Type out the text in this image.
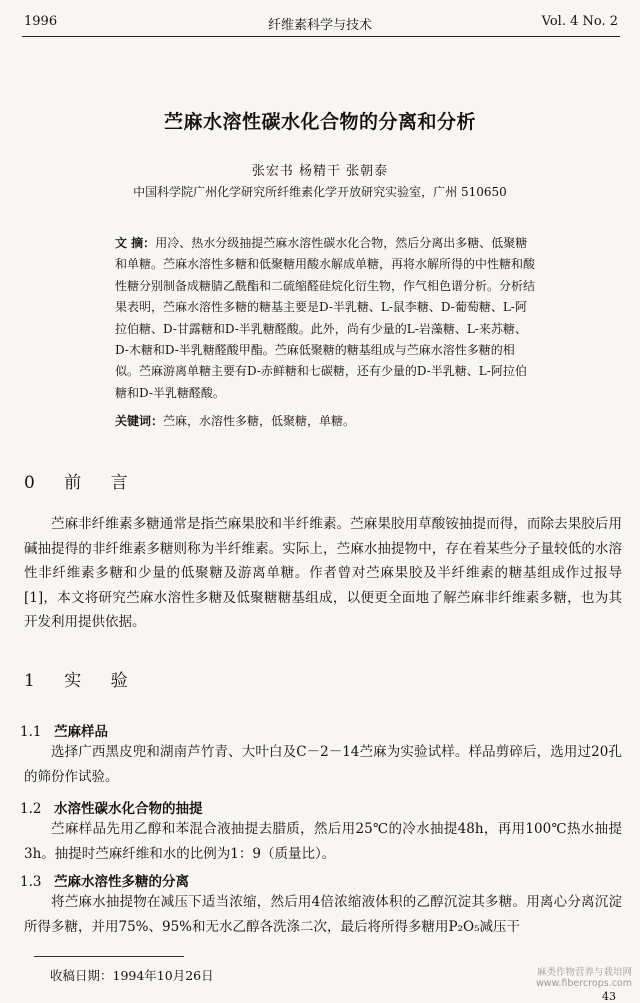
1996	纤维素科学与技术	Vol. 4 No. 2
苎麻水溶性碳水化合物的分离和分析
张宏书 杨精干 张朝泰
中国科学院广州化学研究所纤维素化学开放研究实验室，广州 510650
文 摘：用冷、热水分级抽提苎麻水溶性碳水化合物，然后分离出多糖、低聚糖和单糖。苎麻水溶性多糖和低聚糖用酸水解成单糖，再将水解所得的中性糖和酸性糖分别制备成糖腈乙酰酯和二硫缩醛硅烷化衍生物，作气相色谱分析。分析结果表明，苎麻水溶性多糖的糖基主要是D-半乳糖、L-鼠李糖、D-葡萄糖、L-阿拉伯糖、D-甘露糖和D-半乳糖醛酸。此外，尚有少量的L-岩藻糖、L-来苏糖、D-木糖和D-半乳糖醛酸甲酯。苎麻低聚糖的糖基组成与苎麻水溶性多糖的相似。苎麻游离单糖主要有D-赤鲜糖和七碳糖，还有少量的D-半乳糖、L-阿拉伯糖和D-半乳糖醛酸。
关键词：苎麻，水溶性多糖，低聚糖，单糖。
0 前 言
苎麻非纤维素多糖通常是指苎麻果胶和半纤维素。苎麻果胶用草酸铵抽提而得，而除去果胶后用碱抽提得的非纤维素多糖则称为半纤维素。实际上，苎麻水抽提物中，存在着某些分子量较低的水溶性非纤维素多糖和少量的低聚糖及游离单糖。作者曾对苎麻果胶及半纤维素的糖基组成作过报导[1]，本文将研究苎麻水溶性多糖及低聚糖糖基组成，以便更全面地了解苎麻非纤维素多糖，也为其开发利用提供依据。
1 实 验
1.1 苎麻样品
选择广西黑皮兜和湖南芦竹青、大叶白及C－2－14苎麻为实验试样。样品剪碎后，选用过20孔的筛份作试验。
1.2 水溶性碳水化合物的抽提
苎麻样品先用乙醇和苯混合液抽提去腊质，然后用25℃的冷水抽提48h，再用100℃热水抽提3h。抽提时苎麻纤维和水的比例为1：9（质量比）。
1.3 苎麻水溶性多糖的分离
将苎麻水抽提物在减压下适当浓缩，然后用4倍浓缩液体积的乙醇沉淀其多糖。用离心分离沉淀所得多糖，并用75%、95%和无水乙醇各洗涤二次，最后将所得多糖用P₂O₅减压干
收稿日期：1994年10月26日	麻类作物营养与栽培网
www.fibercrops.com
43
